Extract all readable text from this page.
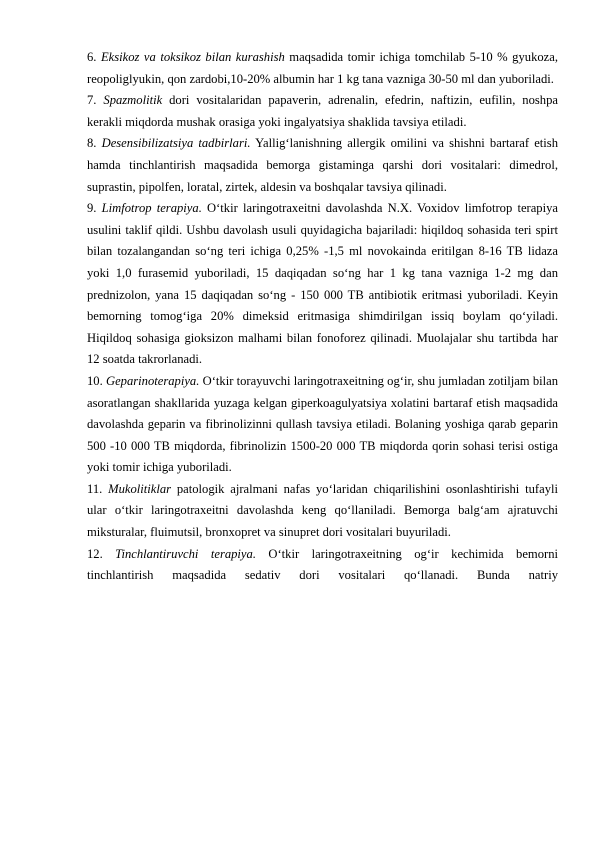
6. Eksikoz va toksikoz bilan kurashish maqsadida tomir ichiga tomchilab 5-10 % gyukoza, reopoliglyukin, qon zardobi,10-20% albumin har 1 kg tana vazniga 30-50 ml dan yuboriladi.

7. Spazmolitik dori vositalaridan papaverin, adrenalin, efedrin, naftizin, eufilin, noshpa kerakli miqdorda mushak orasiga yoki ingalyatsiya shaklida tavsiya etiladi.

8. Desensibilizatsiya tadbirlari. Yallig‘lanishning allergik omilini va shishni bartaraf etish hamda tinchlantirish maqsadida bemorga gistaminga qarshi dori vositalari: dimedrol, suprastin, pipolfen, loratal, zirtek, aldesin va boshqalar tavsiya qilinadi.

9. Limfotrop terapiya. O‘tkir laringotraxeitni davolashda N.X. Voxidov limfotrop terapiya usulini taklif qildi. Ushbu davolash usuli quyidagicha bajariladi: hiqildoq sohasida teri spirt bilan tozalangandan so‘ng teri ichiga 0,25% -1,5 ml novokainda eritilgan 8-16 TB lidaza yoki 1,0 furasemid yuboriladi, 15 daqiqadan so‘ng har 1 kg tana vazniga 1-2 mg dan prednizolon, yana 15 daqiqadan so‘ng - 150 000 TB antibiotik eritmasi yuboriladi. Keyin bemorning tomog‘iga 20% dimeksid eritmasiga shimdirilgan issiq boylam qo‘yiladi. Hiqildoq sohasiga gioksizon malhami bilan fonoforez qilinadi. Muolajalar shu tartibda har 12 soatda takrorlanadi.

10. Geparinoterapiya. O‘tkir torayuvchi laringotraxeitning og‘ir, shu jumladan zotiljam bilan asoratlangan shakllarida yuzaga kelgan giperkoagulyatsiya xolatini bartaraf etish maqsadida davolashda geparin va fibrinolizinni qullash tavsiya etiladi. Bolaning yoshiga qarab geparin 500 -10 000 TB miqdorda, fibrinolizin 1500-20 000 TB miqdorda qorin sohasi terisi ostiga yoki tomir ichiga yuboriladi.

11. Mukolitiklar patologik ajralmani nafas yo‘laridan chiqarilishini osonlashtirishi tufayli ular o‘tkir laringotraxeitni davolashda keng qo‘llaniladi. Bemorga balg‘am ajratuvchi miksturalar, fluimutsil, bronxopret va sinupret dori vositalari buyuriladi.

12. Tinchlantiruvchi terapiya. O‘tkir laringotraxeitning og‘ir kechimida bemorni tinchlantirish maqsadida sedativ dori vositalari qo‘llanadi. Bunda natriy
